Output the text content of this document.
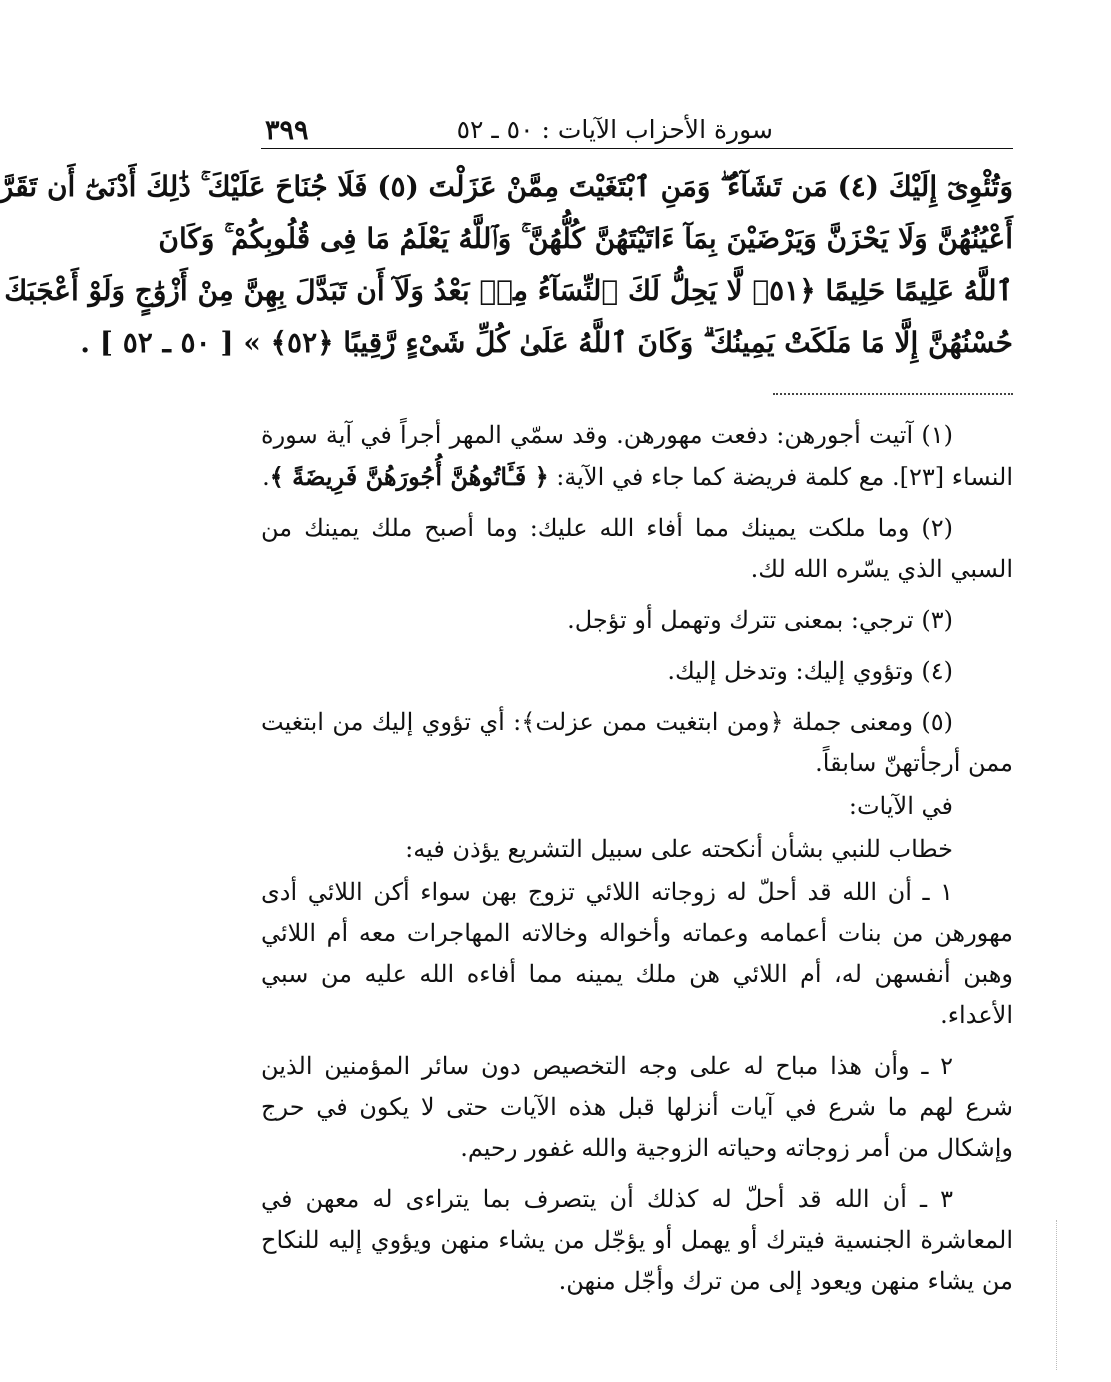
سورة الأحزاب الآيات : ٥٠ ـ ٥٢
٣٩٩
وَتُئْوِىٓ إِلَيْكَ (٤) مَن تَشَآءُ ۖ وَمَنِ ٱبْتَغَيْتَ مِمَّنْ عَزَلْتَ (٥) فَلَا جُنَاحَ عَلَيْكَ ۚ ذَٰلِكَ أَدْنَىٰٓ أَن تَقَرَّ
أَعْيُنُهُنَّ وَلَا يَحْزَنَّ وَيَرْضَيْنَ بِمَآ ءَاتَيْتَهُنَّ كُلُّهُنَّ ۚ وَٱللَّهُ يَعْلَمُ مَا فِى قُلُوبِكُمْ ۚ وَكَانَ
ٱللَّهُ عَلِيمًا حَلِيمًا ﴿٥١﴾ لَّا يَحِلُّ لَكَ ٱلنِّسَآءُ مِنۢ بَعْدُ وَلَآ أَن تَبَدَّلَ بِهِنَّ مِنْ أَزْوَٰجٍ وَلَوْ أَعْجَبَكَ
حُسْنُهُنَّ إِلَّا مَا مَلَكَتْ يَمِينُكَ ۗ وَكَانَ ٱللَّهُ عَلَىٰ كُلِّ شَىْءٍ رَّقِيبًا ﴿٥٢﴾ » [ ٥٠ ـ ٥٢ ] .

(١) آتيت أجورهن: دفعت مهورهن. وقد سمّي المهر أجراً في آية سورة النساء [٢٣]. مع كلمة فريضة كما جاء في الآية: ﴿ فَـَٔاتُوهُنَّ أُجُورَهُنَّ فَرِيضَةً ﴾.

(٢) وما ملكت يمينك مما أفاء الله عليك: وما أصبح ملك يمينك من السبي الذي يسّره الله لك.

(٣) ترجي: بمعنى تترك وتهمل أو تؤجل.

(٤) وتؤوي إليك: وتدخل إليك.

(٥) ومعنى جملة ﴿ومن ابتغيت ممن عزلت﴾: أي تؤوي إليك من ابتغيت ممن أرجأتهنّ سابقاً.

في الآيات:

خطاب للنبي بشأن أنكحته على سبيل التشريع يؤذن فيه:

١ ـ أن الله قد أحلّ له زوجاته اللائي تزوج بهن سواء أكن اللائي أدى مهورهن من بنات أعمامه وعماته وأخواله وخالاته المهاجرات معه أم اللائي وهبن أنفسهن له، أم اللائي هن ملك يمينه مما أفاءه الله عليه من سبي الأعداء.

٢ ـ وأن هذا مباح له على وجه التخصيص دون سائر المؤمنين الذين شرع لهم ما شرع في آيات أنزلها قبل هذه الآيات حتى لا يكون في حرج وإشكال من أمر زوجاته وحياته الزوجية والله غفور رحيم.

٣ ـ أن الله قد أحلّ له كذلك أن يتصرف بما يتراءى له معهن في المعاشرة الجنسية فيترك أو يهمل أو يؤجّل من يشاء منهن ويؤوي إليه للنكاح من يشاء منهن ويعود إلى من ترك وأجّل منهن.
